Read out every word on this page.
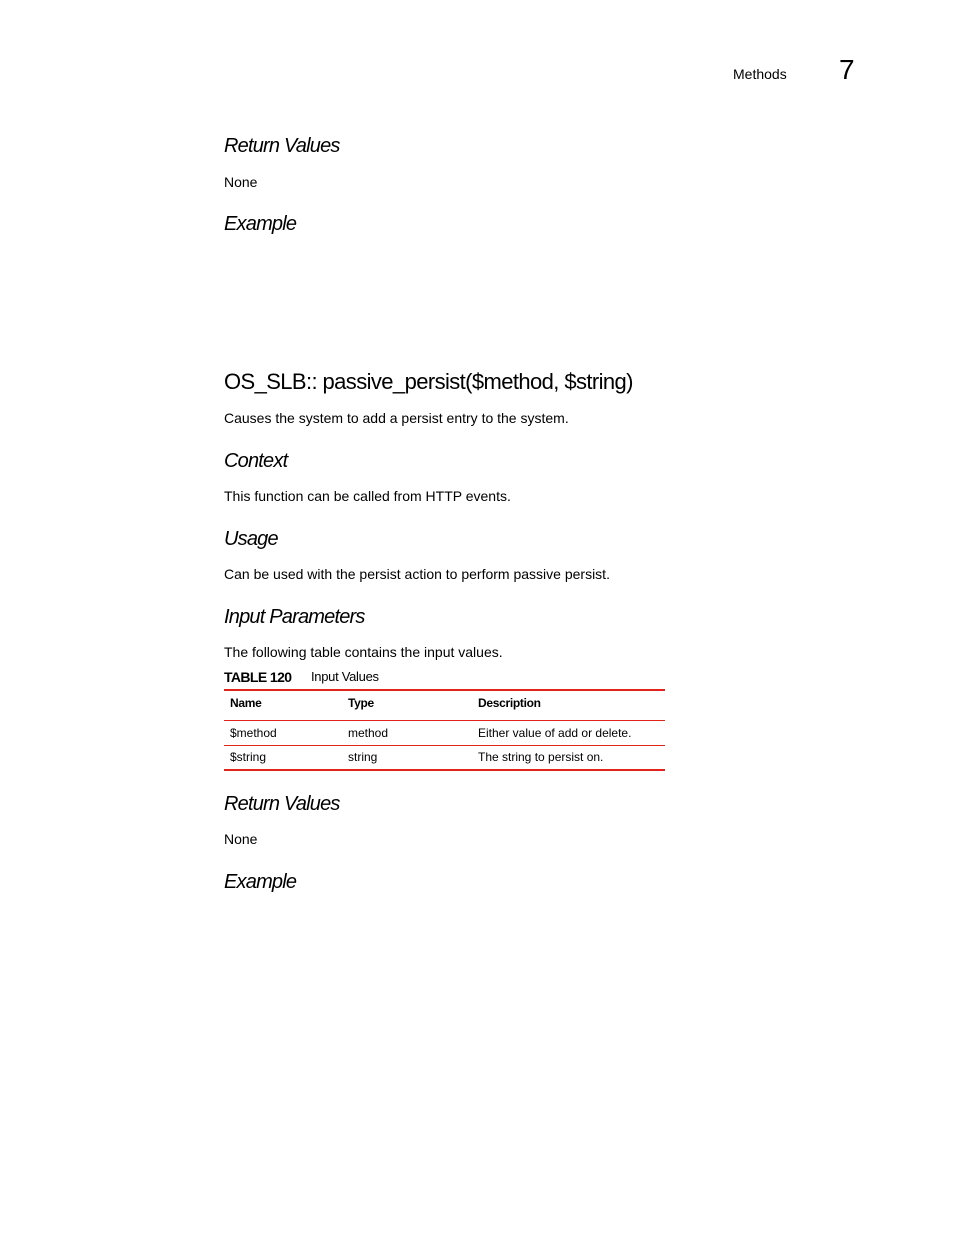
Methods 7
Return Values
None
Example
OS_SLB:: passive_persist($method, $string)
Causes the system to add a persist entry to the system.
Context
This function can be called from HTTP events.
Usage
Can be used with the persist action to perform passive persist.
Input Parameters
The following table contains the input values.
TABLE 120 Input Values
Name	Type	Description
$method	method	Either value of add or delete.
$string	string	The string to persist on.
Return Values
None
Example
